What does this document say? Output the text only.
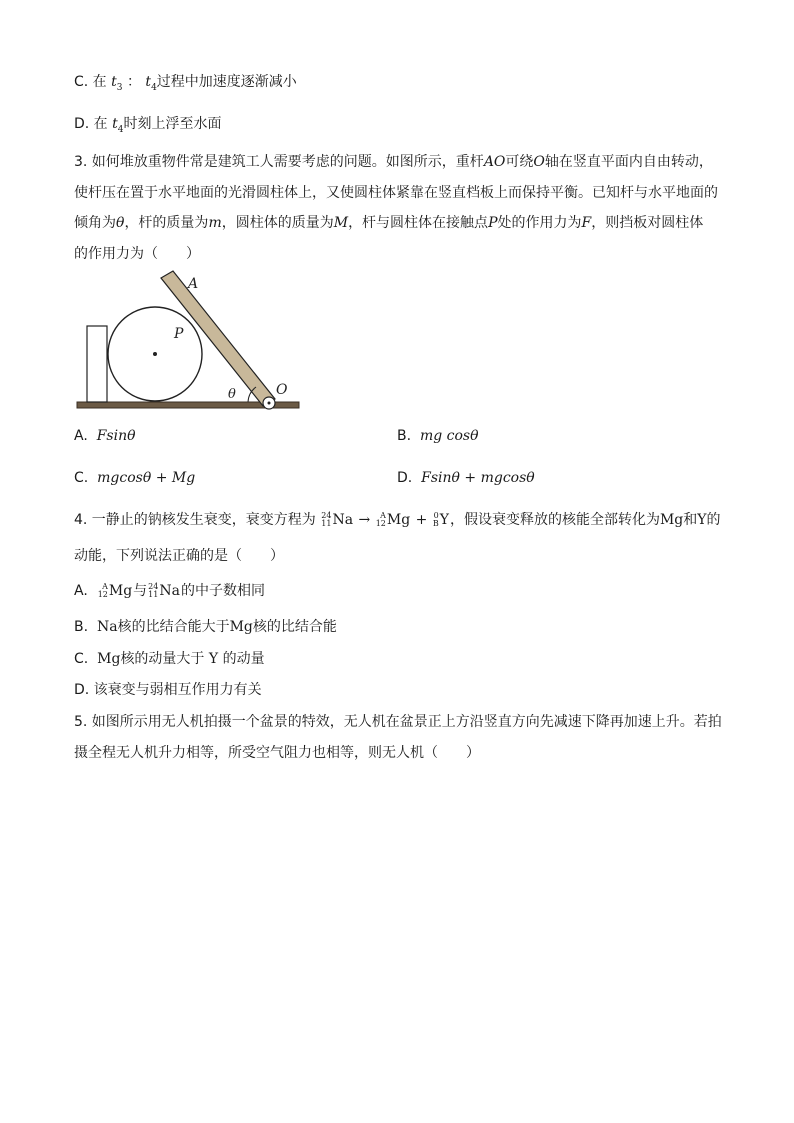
C. 在 $t_3$ ： $t_4$过程中加速度逐渐减小
D. 在 $t_4$时刻上浮至水面
3. 如何堆放重物件常是建筑工人需要考虑的问题。如图所示，重杆AO可绕O轴在竖直平面内自由转动，
使杆压在置于水平地面的光滑圆柱体上，又使圆柱体紧靠在竖直档板上而保持平衡。已知杆与水平地面的
倾角为θ，杆的质量为m，圆柱体的质量为M，杆与圆柱体在接触点P处的作用力为F，则挡板对圆柱体
的作用力为（　　）
A
P
O
θ
A. Fsinθ	B. mg cosθ
C. mgcosθ + Mg	D. Fsinθ + mgcosθ
4. 一静止的钠核发生衰变，衰变方程为 24
11 Na →	A
12 Mg + 0
B Y，假设衰变释放的核能全部转化为Mg和Y的
动能，下列说法正确的是（　　）
A.	A
12 Mg与 24
11 Na的中子数相同
B. Na核的比结合能大于Mg核的比结合能
C. Mg核的动量大于 Y 的动量
D. 该衰变与弱相互作用力有关
5. 如图所示用无人机拍摄一个盆景的特效，无人机在盆景正上方沿竖直方向先减速下降再加速上升。若拍
摄全程无人机升力相等，所受空气阻力也相等，则无人机（　　）
